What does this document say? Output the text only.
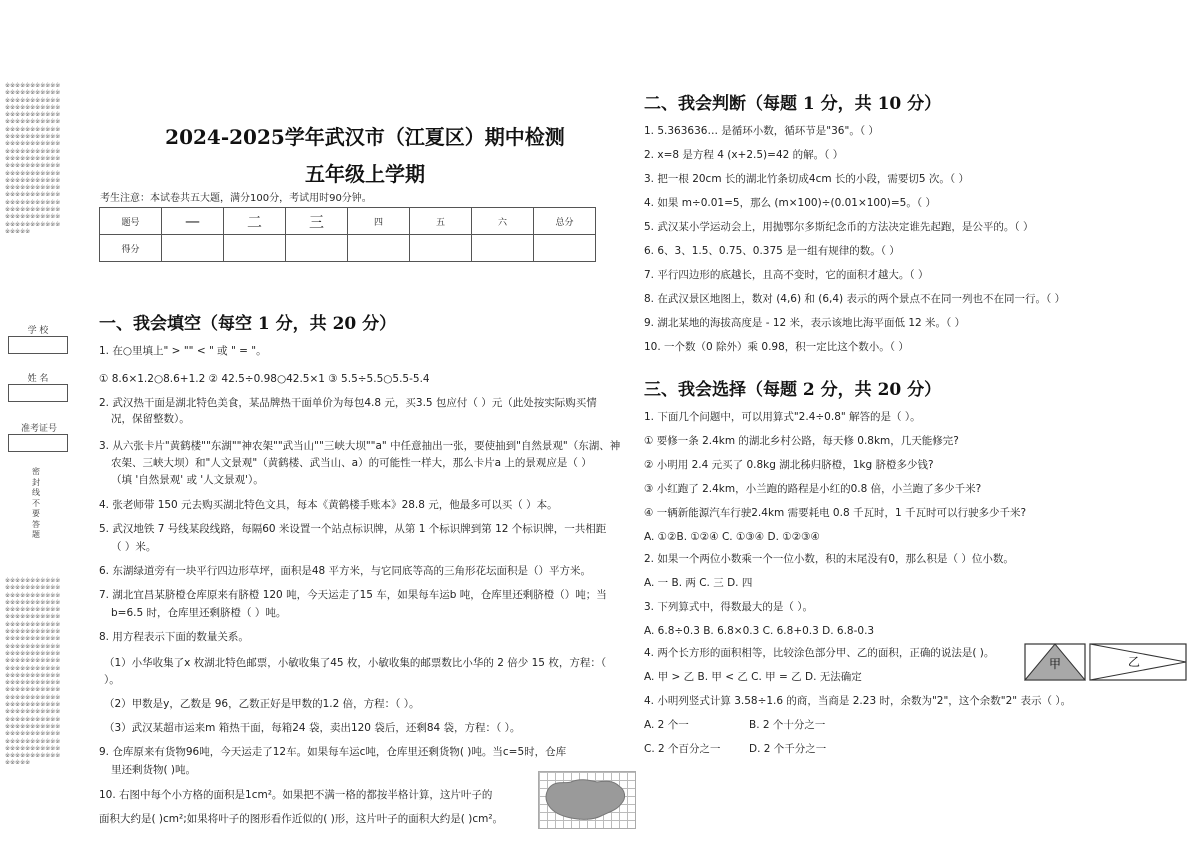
※※※※※※※※※※※※※※※※※※※※※※※※※※※※※※※※※※※※※※※※※※※※※※※※※※※※※※※※※※※※※※※※※※※※※※※※※※※※※※※※※※※※※※※※※※※※※※※※※※※※※※※※※※※※※※※※※※※※※※※※※※※※※※※※※※※※※※※※※※※※※※※※※※※※※※※※※※※※※※※※※※※※※※※※※※※※※※※※※※※※※※※※※※※※※※※※※※※※※※※※※※※※※※※※※※※※※※※※※※※※※※※※※
学 校
姓 名
准考证号
密封线不要答题
※※※※※※※※※※※※※※※※※※※※※※※※※※※※※※※※※※※※※※※※※※※※※※※※※※※※※※※※※※※※※※※※※※※※※※※※※※※※※※※※※※※※※※※※※※※※※※※※※※※※※※※※※※※※※※※※※※※※※※※※※※※※※※※※※※※※※※※※※※※※※※※※※※※※※※※※※※※※※※※※※※※※※※※※※※※※※※※※※※※※※※※※※※※※※※※※※※※※※※※※※※※※※※※※※※※※※※※※※※※※※※※※※※※※※※※※※※※※※※※※※※※※※※※※※※※※※※※※※※※※※※※※※※※※※※※※※※※※※※※※
2024-2025学年武汉市（江夏区）期中检测
五年级上学期
考生注意：本试卷共五大题，满分100分，考试用时90分钟。
题号	—	二	三	四	五	六	总分
得分							
一、我会填空（每空 1 分，共 20 分）
1. 在○里填上" > "" < " 或 " = "。
① 8.6×1.2○8.6+1.2 ② 42.5÷0.98○42.5×1 ③ 5.5÷5.5○5.5-5.4
2. 武汉热干面是湖北特色美食，某品牌热干面单价为每包4.8 元，买3.5 包应付（ ）元（此处按实际购买情
况，保留整数）。
3. 从六张卡片"黄鹤楼""东湖""神农架""武当山""三峡大坝""a" 中任意抽出一张，要使抽到"自然景观"（东湖、神
农架、三峡大坝）和"人文景观"（黄鹤楼、武当山、a）的可能性一样大，那么卡片a 上的景观应是（ ）
（填 '自然景观' 或 '人文景观'）。
4. 张老师带 150 元去购买湖北特色文具，每本《黄鹤楼手账本》28.8 元，他最多可以买（ ）本。
5. 武汉地铁 7 号线某段线路，每隔60 米设置一个站点标识牌，从第 1 个标识牌到第 12 个标识牌，一共相距
（ ）米。
6. 东湖绿道旁有一块平行四边形草坪，面积是48 平方米，与它同底等高的三角形花坛面积是（）平方米。
7. 湖北宜昌某脐橙仓库原来有脐橙 120 吨，今天运走了15 车，如果每车运b 吨，仓库里还剩脐橙（）吨；当
b=6.5 时，仓库里还剩脐橙（ ）吨。
8. 用方程表示下面的数量关系。
（1）小华收集了x 枚湖北特色邮票，小敏收集了45 枚，小敏收集的邮票数比小华的 2 倍少 15 枚，方程：（
）。
（2）甲数是y，乙数是 96，乙数正好是甲数的1.2 倍，方程：（ ）。
（3）武汉某超市运来m 箱热干面，每箱24 袋，卖出120 袋后，还剩84 袋，方程：（ ）。
9. 仓库原来有货物96吨，今天运走了12车。如果每车运c吨，仓库里还剩货物( )吨。当c=5时，仓库
里还剩货物( )吨。
10. 右图中每个小方格的面积是1cm²。如果把不满一格的都按半格计算，这片叶子的
面积大约是( )cm²;如果将叶子的图形看作近似的( )形，这片叶子的面积大约是( )cm²。
二、我会判断（每题 1 分，共 10 分）
1. 5.363636… 是循环小数，循环节是"36"。（ ）
2. x=8 是方程 4 (x+2.5)=42 的解。（ ）
3. 把一根 20cm 长的湖北竹条切成4cm 长的小段，需要切5 次。（ ）
4. 如果 m÷0.01=5，那么 (m×100)÷(0.01×100)=5。（ ）
5. 武汉某小学运动会上，用抛鄂尔多斯纪念币的方法决定谁先起跑，是公平的。（ ）
6. 6、3、1.5、0.75、0.375 是一组有规律的数。（ ）
7. 平行四边形的底越长，且高不变时，它的面积才越大。（ ）
8. 在武汉景区地图上，数对 (4,6) 和 (6,4) 表示的两个景点不在同一列也不在同一行。（ ）
9. 湖北某地的海拔高度是 - 12 米，表示该地比海平面低 12 米。（ ）
10. 一个数（0 除外）乘 0.98，积一定比这个数小。（ ）
三、我会选择（每题 2 分，共 20 分）
1. 下面几个问题中，可以用算式"2.4÷0.8" 解答的是（ ）。
① 要修一条 2.4km 的湖北乡村公路，每天修 0.8km，几天能修完?
② 小明用 2.4 元买了 0.8kg 湖北秭归脐橙，1kg 脐橙多少钱?
③ 小红跑了 2.4km，小兰跑的路程是小红的0.8 倍，小兰跑了多少千米?
④ 一辆新能源汽车行驶2.4km 需要耗电 0.8 千瓦时，1 千瓦时可以行驶多少千米?
A. ①②B. ①②④ C. ①③④ D. ①②③④
2. 如果一个两位小数乘一个一位小数，积的末尾没有0，那么积是（ ）位小数。
A. 一 B. 两 C. 三 D. 四
3. 下列算式中，得数最大的是（ ）。
A. 6.8÷0.3 B. 6.8×0.3 C. 6.8+0.3 D. 6.8-0.3
4. 两个长方形的面积相等，比较涂色部分甲、乙的面积，正确的说法是( )。
A. 甲 > 乙 B. 甲 < 乙 C. 甲 = 乙 D. 无法确定
甲	乙
4. 小明列竖式计算 3.58÷1.6 的商，当商是 2.23 时，余数为"2"，这个余数"2" 表示（ ）。
A. 2 个一	B. 2 个十分之一
C. 2 个百分之一	D. 2 个千分之一
